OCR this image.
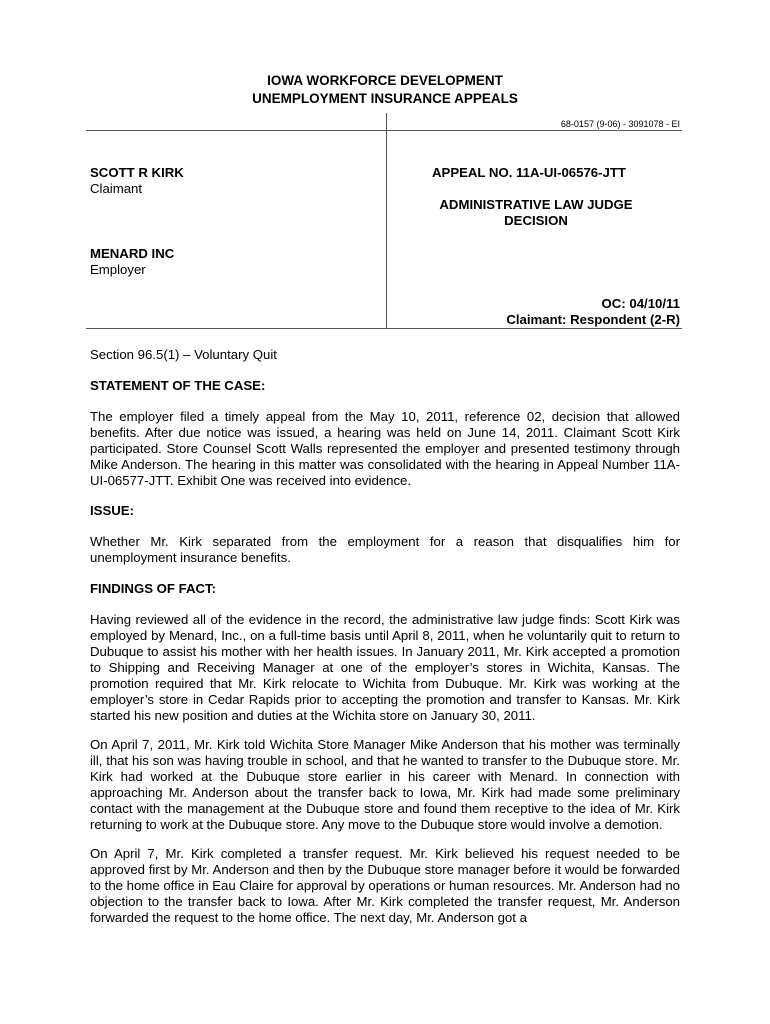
IOWA WORKFORCE DEVELOPMENT
UNEMPLOYMENT INSURANCE APPEALS
68-0157 (9-06) - 3091078 - EI
SCOTT R KIRK
Claimant
MENARD INC
Employer
APPEAL NO. 11A-UI-06576-JTT
ADMINISTRATIVE LAW JUDGE
DECISION
OC: 04/10/11
Claimant: Respondent (2-R)
Section 96.5(1) – Voluntary Quit
STATEMENT OF THE CASE:

The employer filed a timely appeal from the May 10, 2011, reference 02, decision that allowed benefits. After due notice was issued, a hearing was held on June 14, 2011. Claimant Scott Kirk participated. Store Counsel Scott Walls represented the employer and presented testimony through Mike Anderson. The hearing in this matter was consolidated with the hearing in Appeal Number 11A-UI-06577-JTT. Exhibit One was received into evidence.

ISSUE:

Whether Mr. Kirk separated from the employment for a reason that disqualifies him for unemployment insurance benefits.

FINDINGS OF FACT:

Having reviewed all of the evidence in the record, the administrative law judge finds: Scott Kirk was employed by Menard, Inc., on a full-time basis until April 8, 2011, when he voluntarily quit to return to Dubuque to assist his mother with her health issues. In January 2011, Mr. Kirk accepted a promotion to Shipping and Receiving Manager at one of the employer’s stores in Wichita, Kansas. The promotion required that Mr. Kirk relocate to Wichita from Dubuque. Mr. Kirk was working at the employer’s store in Cedar Rapids prior to accepting the promotion and transfer to Kansas. Mr. Kirk started his new position and duties at the Wichita store on January 30, 2011.

On April 7, 2011, Mr. Kirk told Wichita Store Manager Mike Anderson that his mother was terminally ill, that his son was having trouble in school, and that he wanted to transfer to the Dubuque store. Mr. Kirk had worked at the Dubuque store earlier in his career with Menard. In connection with approaching Mr. Anderson about the transfer back to Iowa, Mr. Kirk had made some preliminary contact with the management at the Dubuque store and found them receptive to the idea of Mr. Kirk returning to work at the Dubuque store. Any move to the Dubuque store would involve a demotion.

On April 7, Mr. Kirk completed a transfer request. Mr. Kirk believed his request needed to be approved first by Mr. Anderson and then by the Dubuque store manager before it would be forwarded to the home office in Eau Claire for approval by operations or human resources. Mr. Anderson had no objection to the transfer back to Iowa. After Mr. Kirk completed the transfer request, Mr. Anderson forwarded the request to the home office. The next day, Mr. Anderson got a
